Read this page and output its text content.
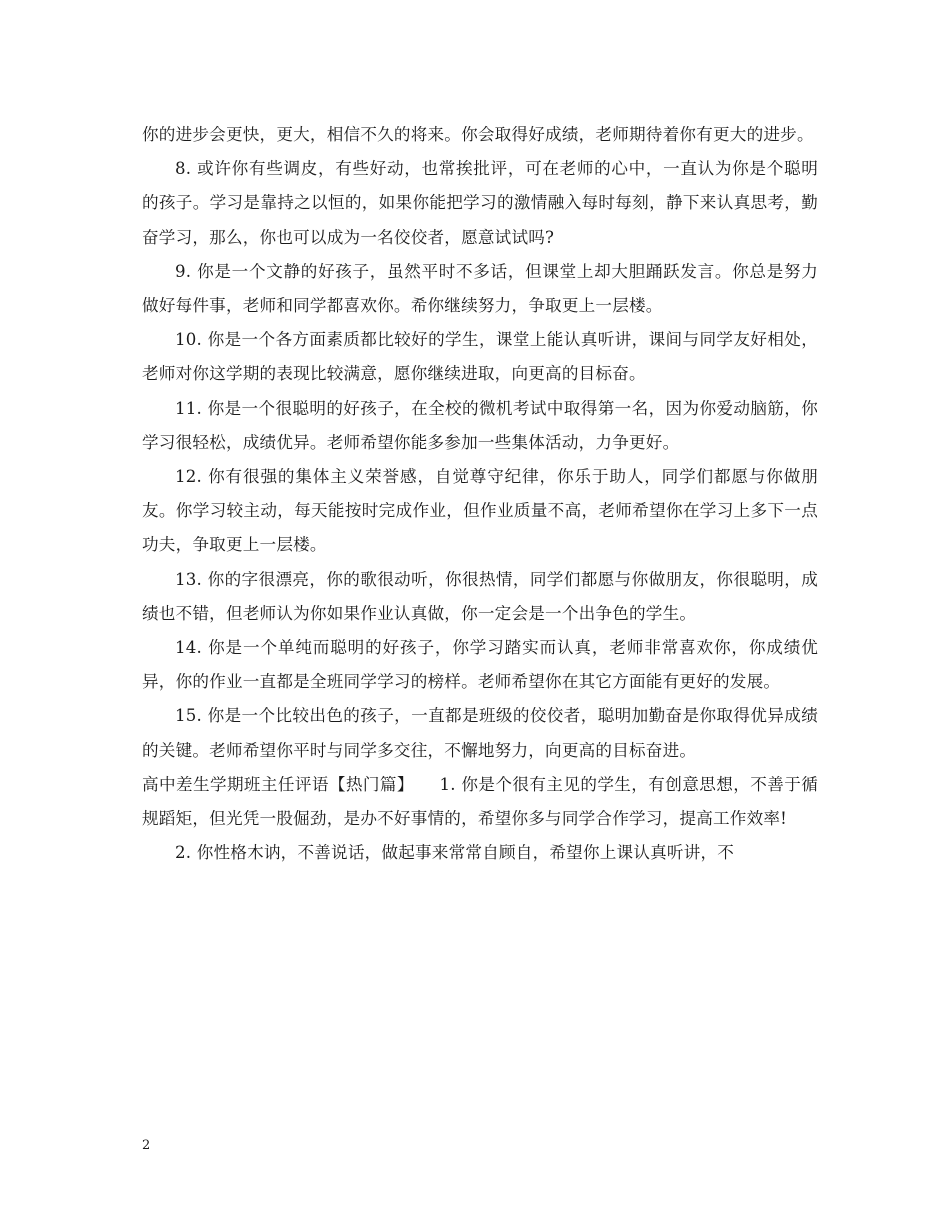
你的进步会更快，更大，相信不久的将来。你会取得好成绩，老师期待着你有更大的进步。

8. 或许你有些调皮，有些好动，也常挨批评，可在老师的心中，一直认为你是个聪明的孩子。学习是靠持之以恒的，如果你能把学习的激情融入每时每刻，静下来认真思考，勤奋学习，那么，你也可以成为一名佼佼者，愿意试试吗?

9. 你是一个文静的好孩子，虽然平时不多话，但课堂上却大胆踊跃发言。你总是努力做好每件事，老师和同学都喜欢你。希你继续努力，争取更上一层楼。

10. 你是一个各方面素质都比较好的学生，课堂上能认真听讲，课间与同学友好相处，老师对你这学期的表现比较满意，愿你继续进取，向更高的目标奋。

11. 你是一个很聪明的好孩子，在全校的微机考试中取得第一名，因为你爱动脑筋，你学习很轻松，成绩优异。老师希望你能多参加一些集体活动，力争更好。

12. 你有很强的集体主义荣誉感，自觉尊守纪律，你乐于助人，同学们都愿与你做朋友。你学习较主动，每天能按时完成作业，但作业质量不高，老师希望你在学习上多下一点功夫，争取更上一层楼。

13. 你的字很漂亮，你的歌很动听，你很热情，同学们都愿与你做朋友，你很聪明，成绩也不错，但老师认为你如果作业认真做，你一定会是一个出争色的学生。

14. 你是一个单纯而聪明的好孩子，你学习踏实而认真，老师非常喜欢你，你成绩优异，你的作业一直都是全班同学学习的榜样。老师希望你在其它方面能有更好的发展。

15. 你是一个比较出色的孩子，一直都是班级的佼佼者，聪明加勤奋是你取得优异成绩的关键。老师希望你平时与同学多交往，不懈地努力，向更高的目标奋进。

高中差生学期班主任评语【热门篇】　　1. 你是个很有主见的学生，有创意思想，不善于循规蹈矩，但光凭一股倔劲，是办不好事情的，希望你多与同学合作学习，提高工作效率!

2. 你性格木讷，不善说话，做起事来常常自顾自，希望你上课认真听讲，不

2
